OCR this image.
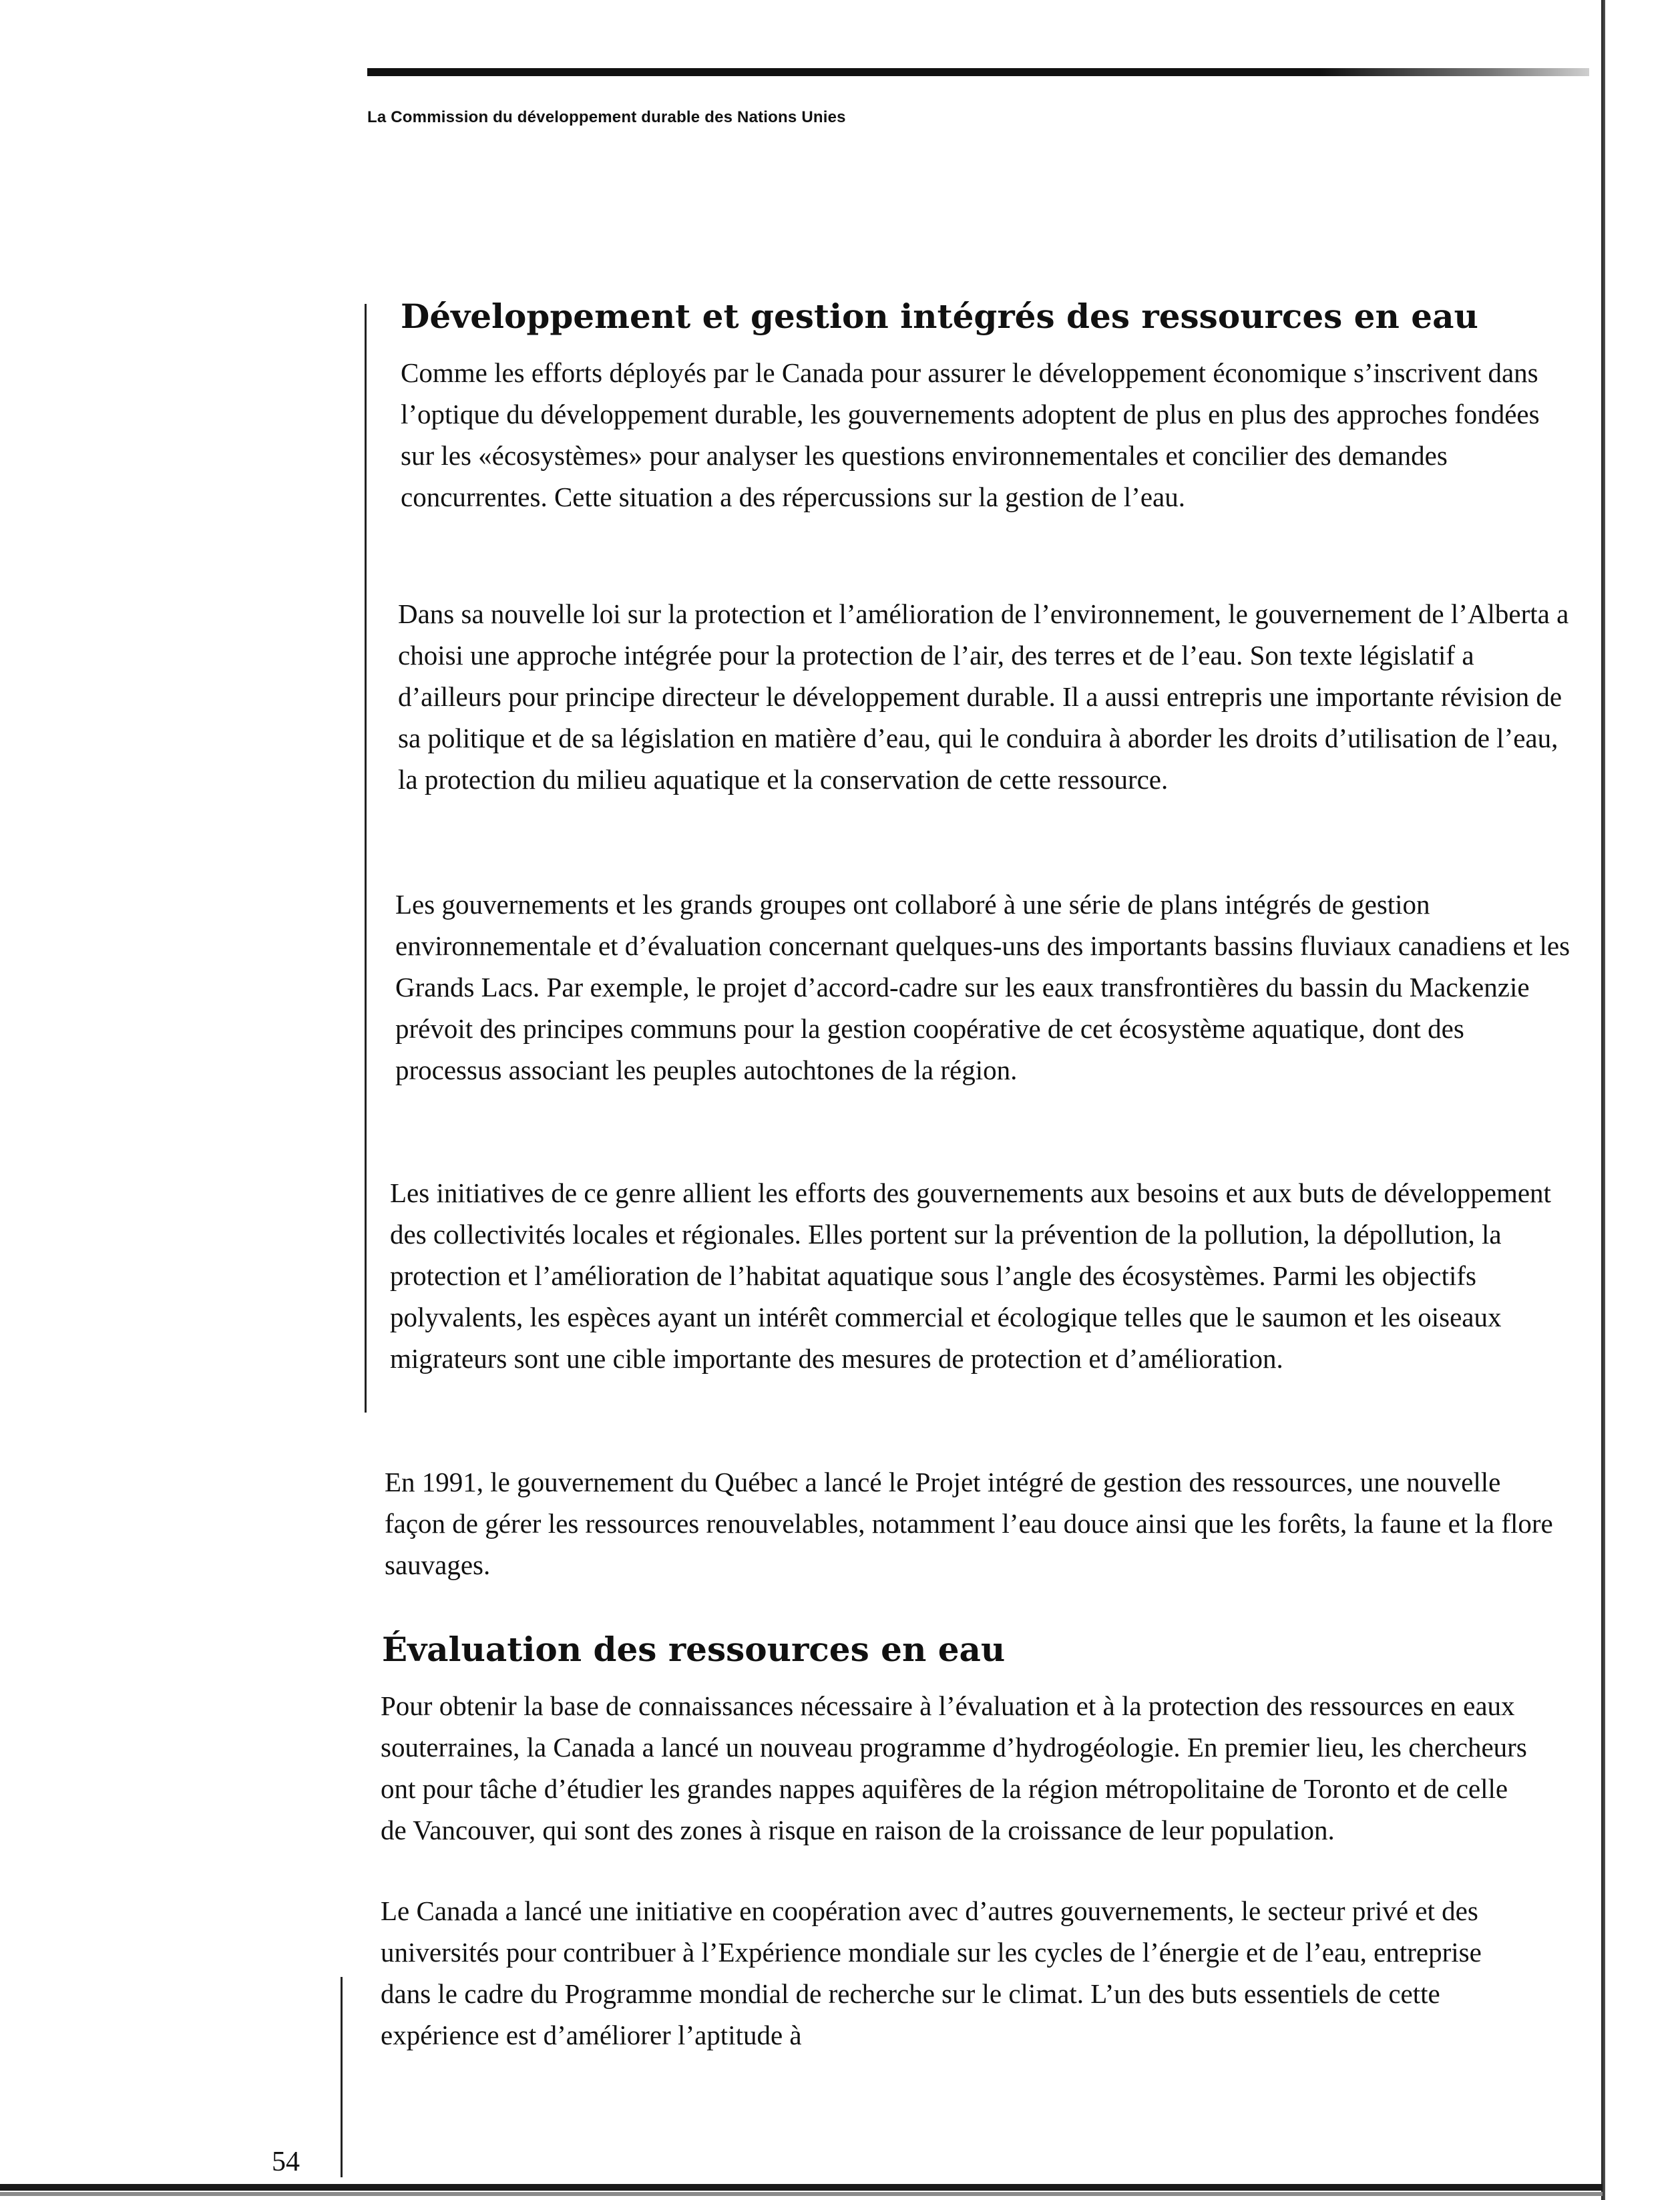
La Commission du développement durable des Nations Unies
Développement et gestion intégrés des ressources en eau

Comme les efforts déployés par le Canada pour assurer le développement économique s’inscrivent dans l’optique du développement durable, les gouvernements adoptent de plus en plus des approches fondées sur les «écosystèmes» pour analyser les questions environnementales et concilier des demandes concurrentes. Cette situation a des répercussions sur la gestion de l’eau.

Dans sa nouvelle loi sur la protection et l’amélioration de l’environnement, le gouvernement de l’Alberta a choisi une approche intégrée pour la protection de l’air, des terres et de l’eau. Son texte législatif a d’ailleurs pour principe directeur le développement durable. Il a aussi entrepris une importante révision de sa politique et de sa législation en matière d’eau, qui le conduira à aborder les droits d’utilisation de l’eau, la protection du milieu aquatique et la conservation de cette ressource.

Les gouvernements et les grands groupes ont collaboré à une série de plans intégrés de gestion environnementale et d’évaluation concernant quelques-uns des importants bassins fluviaux canadiens et les Grands Lacs. Par exemple, le projet d’accord-cadre sur les eaux transfrontières du bassin du Mackenzie prévoit des principes communs pour la gestion coopérative de cet écosystème aquatique, dont des processus associant les peuples autochtones de la région.

Les initiatives de ce genre allient les efforts des gouvernements aux besoins et aux buts de développement des collectivités locales et régionales. Elles portent sur la prévention de la pollution, la dépollution, la protection et l’amélioration de l’habitat aquatique sous l’angle des écosystèmes. Parmi les objectifs polyvalents, les espèces ayant un intérêt commercial et écologique telles que le saumon et les oiseaux migrateurs sont une cible importante des mesures de protection et d’amélioration.

En 1991, le gouvernement du Québec a lancé le Projet intégré de gestion des ressources, une nouvelle façon de gérer les ressources renouvelables, notamment l’eau douce ainsi que les forêts, la faune et la flore sauvages.

Évaluation des ressources en eau

Pour obtenir la base de connaissances nécessaire à l’évaluation et à la protection des ressources en eaux souterraines, la Canada a lancé un nouveau programme d’hydrogéologie. En premier lieu, les chercheurs ont pour tâche d’étudier les grandes nappes aquifères de la région métropolitaine de Toronto et de celle de Vancouver, qui sont des zones à risque en raison de la croissance de leur population.

Le Canada a lancé une initiative en coopération avec d’autres gouvernements, le secteur privé et des universités pour contribuer à l’Expérience mondiale sur les cycles de l’énergie et de l’eau, entreprise dans le cadre du Programme mondial de recherche sur le climat. L’un des buts essentiels de cette expérience est d’améliorer l’aptitude à

54
